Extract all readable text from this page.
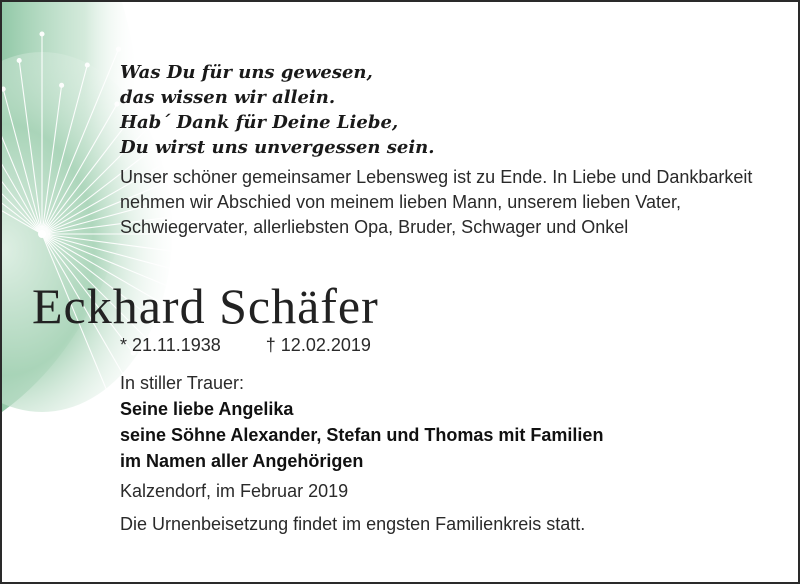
Was Du für uns gewesen,
das wissen wir allein.
Hab´ Dank für Deine Liebe,
Du wirst uns unvergessen sein.
Unser schöner gemeinsamer Lebensweg ist zu Ende. In Liebe und Dankbarkeit nehmen wir Abschied von meinem lieben Mann, unserem lieben Vater, Schwiegervater, allerliebsten Opa, Bruder, Schwager und Onkel
Eckhard Schäfer
* 21.11.1938	† 12.02.2019
In stiller Trauer:
Seine liebe Angelika
seine Söhne Alexander, Stefan und Thomas mit Familien
im Namen aller Angehörigen
Kalzendorf, im Februar 2019
Die Urnenbeisetzung findet im engsten Familienkreis statt.
